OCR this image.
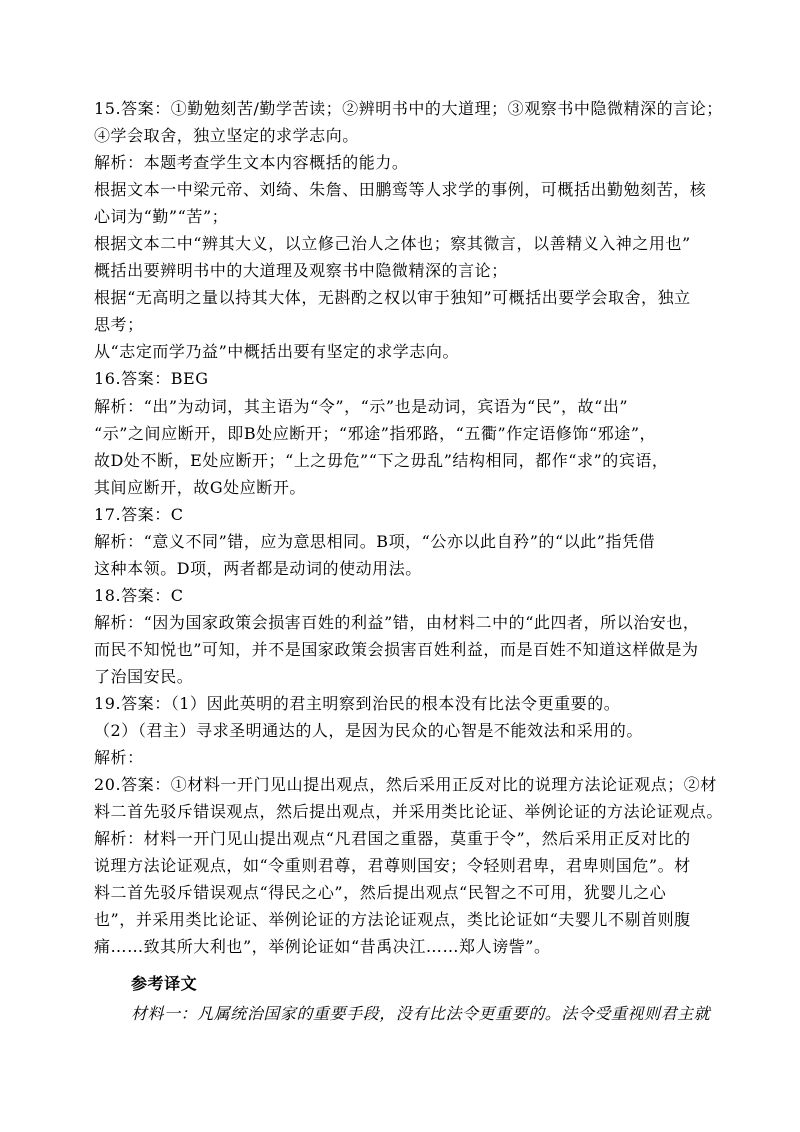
15.答案：①勤勉刻苦/勤学苦读；②辨明书中的大道理；③观察书中隐微精深的言论；
④学会取舍，独立坚定的求学志向。
解析：本题考查学生文本内容概括的能力。
根据文本一中梁元帝、刘绮、朱詹、田鹏鸾等人求学的事例，可概括出勤勉刻苦，核
心词为“勤”“苦”；
根据文本二中“辨其大义，以立修己治人之体也；察其微言，以善精义入神之用也”
概括出要辨明书中的大道理及观察书中隐微精深的言论；
根据“无高明之量以持其大体，无斟酌之权以审于独知”可概括出要学会取舍，独立
思考；
从“志定而学乃益”中概括出要有坚定的求学志向。
16.答案：BEG
解析：“出”为动词，其主语为“令”，“示”也是动词，宾语为“民”，故“出”
“示”之间应断开，即B处应断开；“邪途”指邪路，“五衢”作定语修饰“邪途”，
故D处不断，E处应断开；“上之毋危”“下之毋乱”结构相同，都作“求”的宾语，
其间应断开，故G处应断开。
17.答案：C
解析：“意义不同”错，应为意思相同。B项，“公亦以此自矜”的“以此”指凭借
这种本领。D项，两者都是动词的使动用法。
18.答案：C
解析：“因为国家政策会损害百姓的利益”错，由材料二中的“此四者，所以治安也，
而民不知悦也”可知，并不是国家政策会损害百姓利益，而是百姓不知道这样做是为
了治国安民。
19.答案：（1）因此英明的君主明察到治民的根本没有比法令更重要的。
（2）（君主）寻求圣明通达的人，是因为民众的心智是不能效法和采用的。
解析：
20.答案：①材料一开门见山提出观点，然后采用正反对比的说理方法论证观点；②材
料二首先驳斥错误观点，然后提出观点，并采用类比论证、举例论证的方法论证观点。
解析：材料一开门见山提出观点“凡君国之重器，莫重于令”，然后采用正反对比的
说理方法论证观点，如“令重则君尊，君尊则国安；令轻则君卑，君卑则国危”。材
料二首先驳斥错误观点“得民之心”，然后提出观点“民智之不可用，犹婴儿之心
也”，并采用类比论证、举例论证的方法论证观点，类比论证如“夫婴儿不剔首则腹
痛……致其所大利也”，举例论证如“昔禹决江……郑人谤訾”。
参考译文
材料一：凡属统治国家的重要手段，没有比法令更重要的。法令受重视则君主就
